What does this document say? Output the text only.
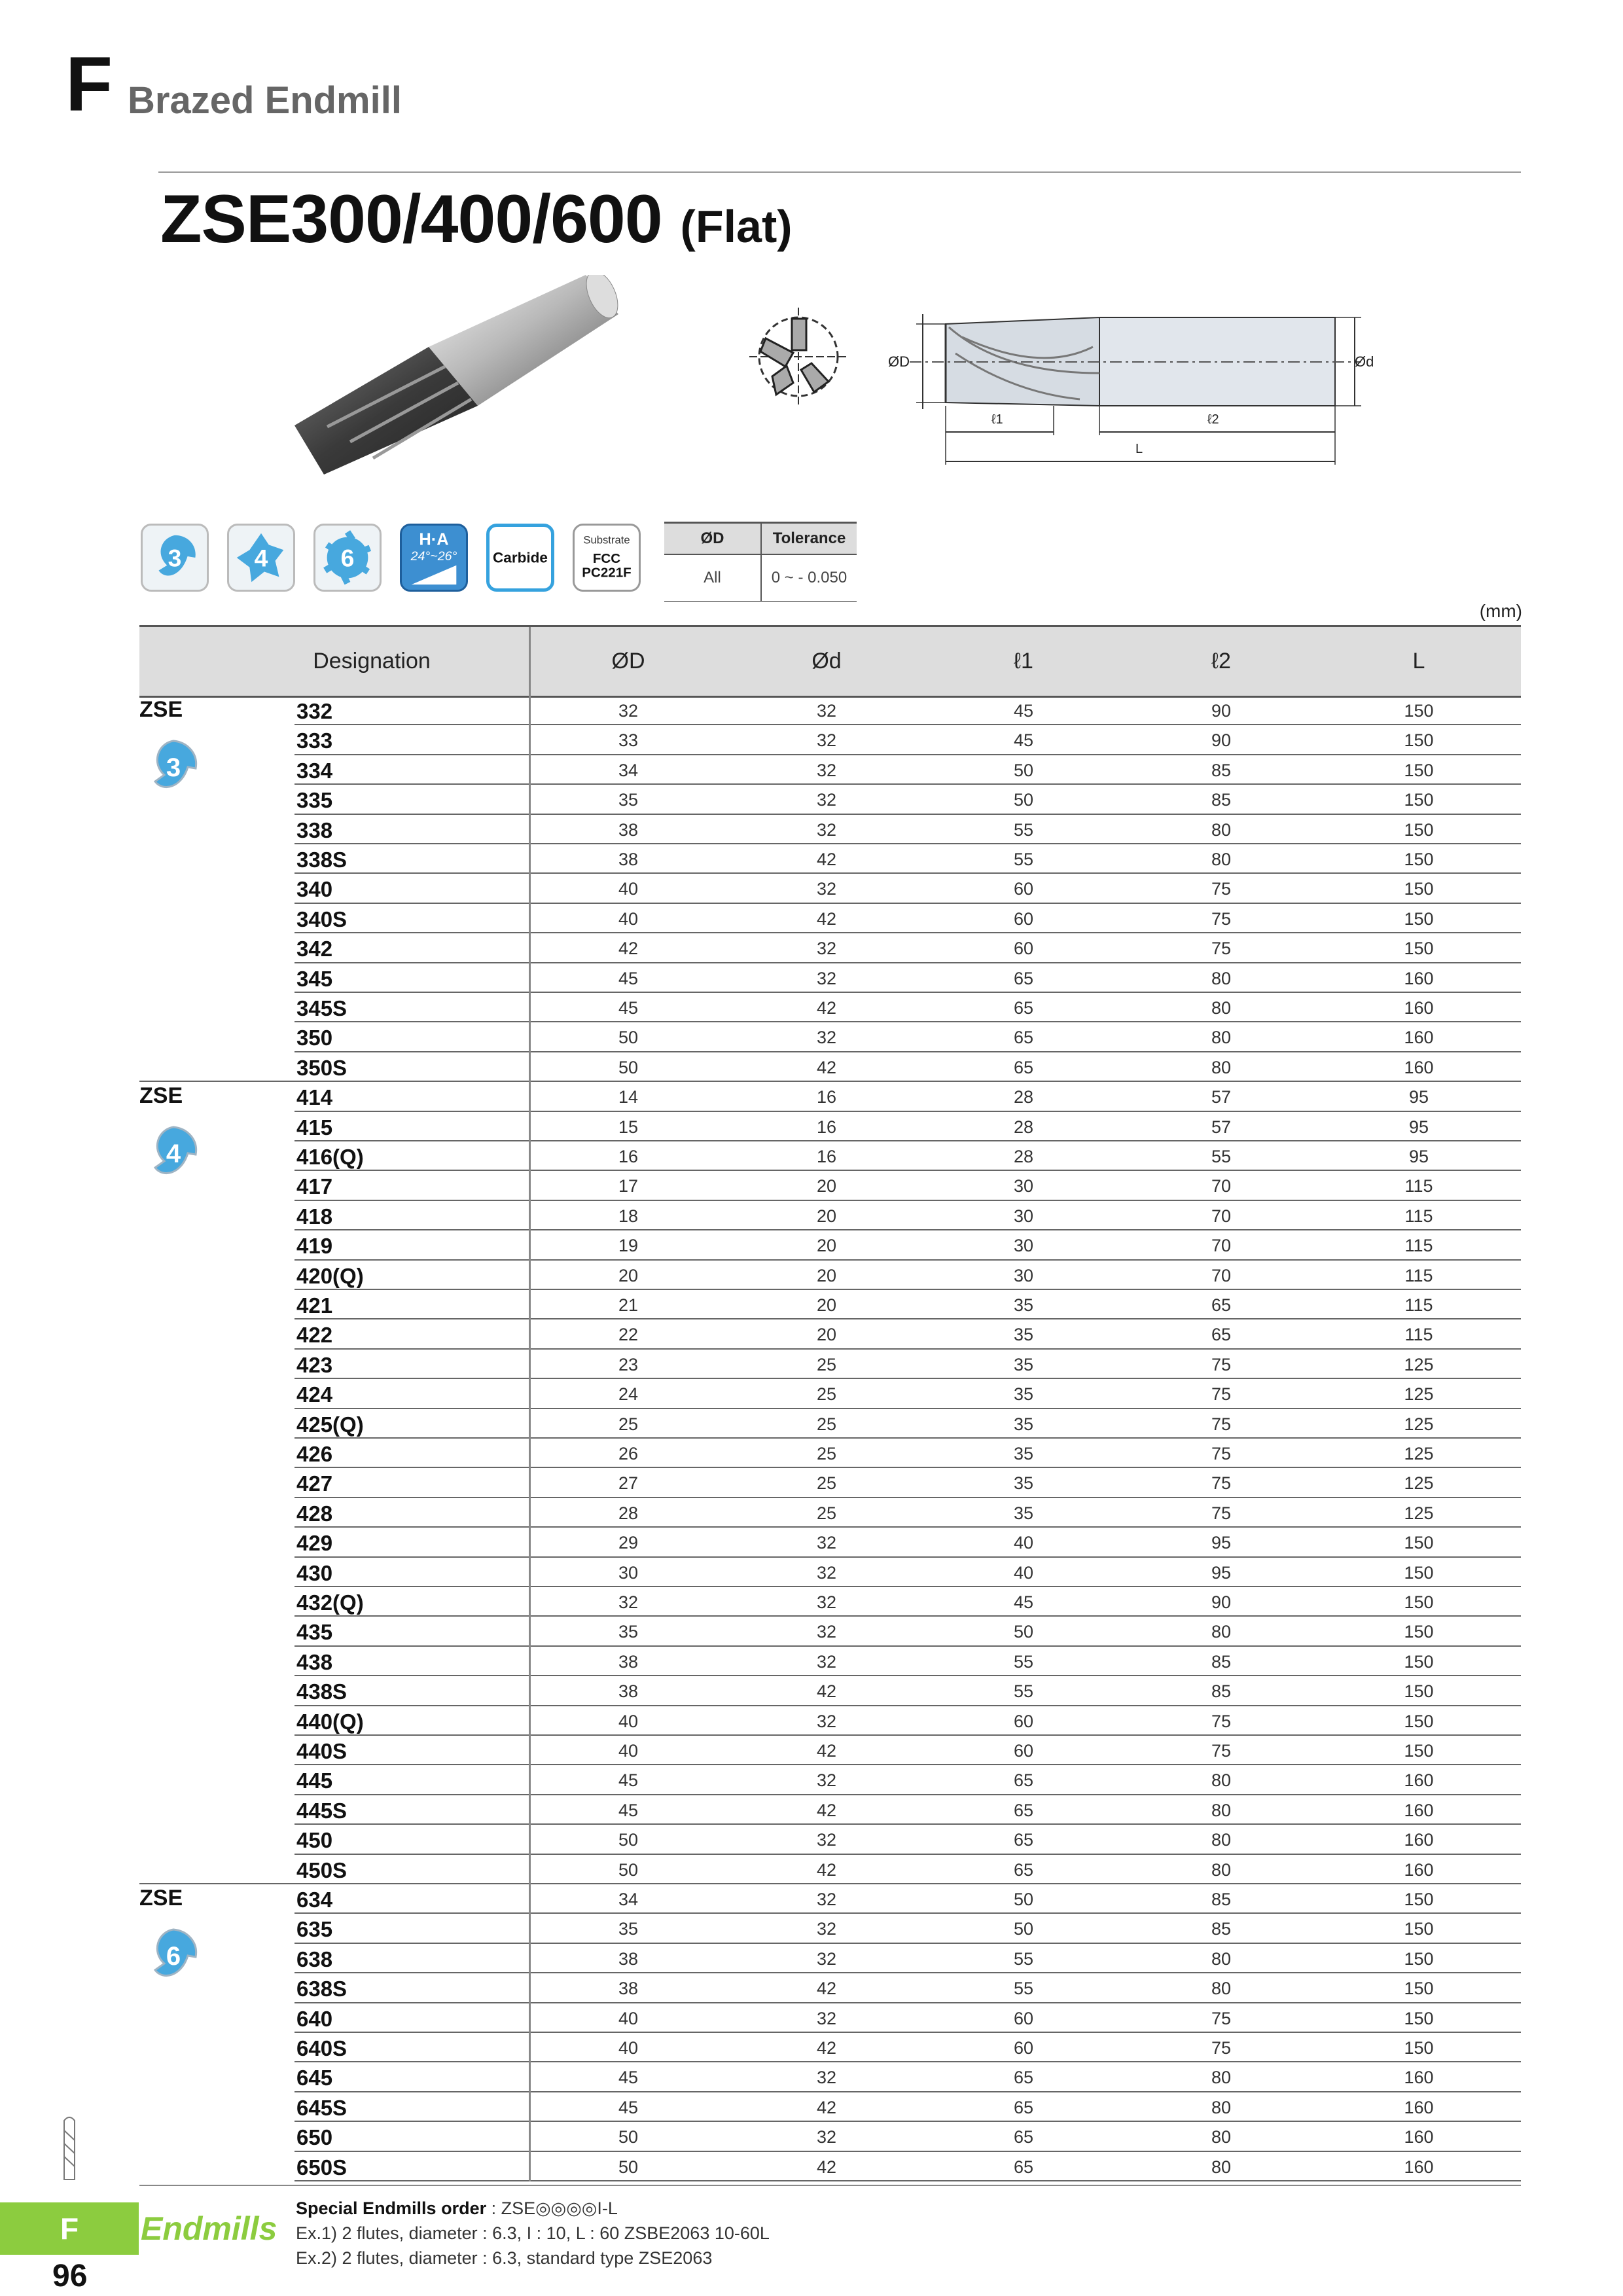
F Brazed Endmill
ZSE300/400/600 (Flat)
ØD	Ød
ℓ1	ℓ2
L
3	4	6
H·A
24°~26° Carbide
Substrate
FCC
PC221F
ØD	Tolerance
All	0 ~ - 0.050
(mm)
Designation	ØD	Ød	ℓ1	ℓ2	L
ZSE
3
332	32	32	45	90	150
333	33	32	45	90	150
334	34	32	50	85	150
335	35	32	50	85	150
338	38	32	55	80	150
338S	38	42	55	80	150
340	40	32	60	75	150
340S	40	42	60	75	150
342	42	32	60	75	150
345	45	32	65	80	160
345S	45	42	65	80	160
350	50	32	65	80	160
350S	50	42	65	80	160
ZSE
4
414	14	16	28	57	95
415	15	16	28	57	95
416(Q)	16	16	28	55	95
417	17	20	30	70	115
418	18	20	30	70	115
419	19	20	30	70	115
420(Q)	20	20	30	70	115
421	21	20	35	65	115
422	22	20	35	65	115
423	23	25	35	75	125
424	24	25	35	75	125
425(Q)	25	25	35	75	125
426	26	25	35	75	125
427	27	25	35	75	125
428	28	25	35	75	125
429	29	32	40	95	150
430	30	32	40	95	150
432(Q)	32	32	45	90	150
435	35	32	50	80	150
438	38	32	55	85	150
438S	38	42	55	85	150
440(Q)	40	32	60	75	150
440S	40	42	60	75	150
445	45	32	65	80	160
445S	45	42	65	80	160
450	50	32	65	80	160
450S	50	42	65	80	160
ZSE
6
634	34	32	50	85	150
635	35	32	50	85	150
638	38	32	55	80	150
638S	38	42	55	80	150
640	40	32	60	75	150
640S	40	42	60	75	150
645	45	32	65	80	160
645S	45	42	65	80	160
650	50	32	65	80	160
650S	50	42	65	80	160
F	Endmills
96
Special Endmills order : ZSE◎◎◎◎I-L
Ex.1) 2 flutes, diameter : 6.3, I : 10, L : 60 ZSBE2063 10-60L
Ex.2) 2 flutes, diameter : 6.3, standard type ZSE2063
